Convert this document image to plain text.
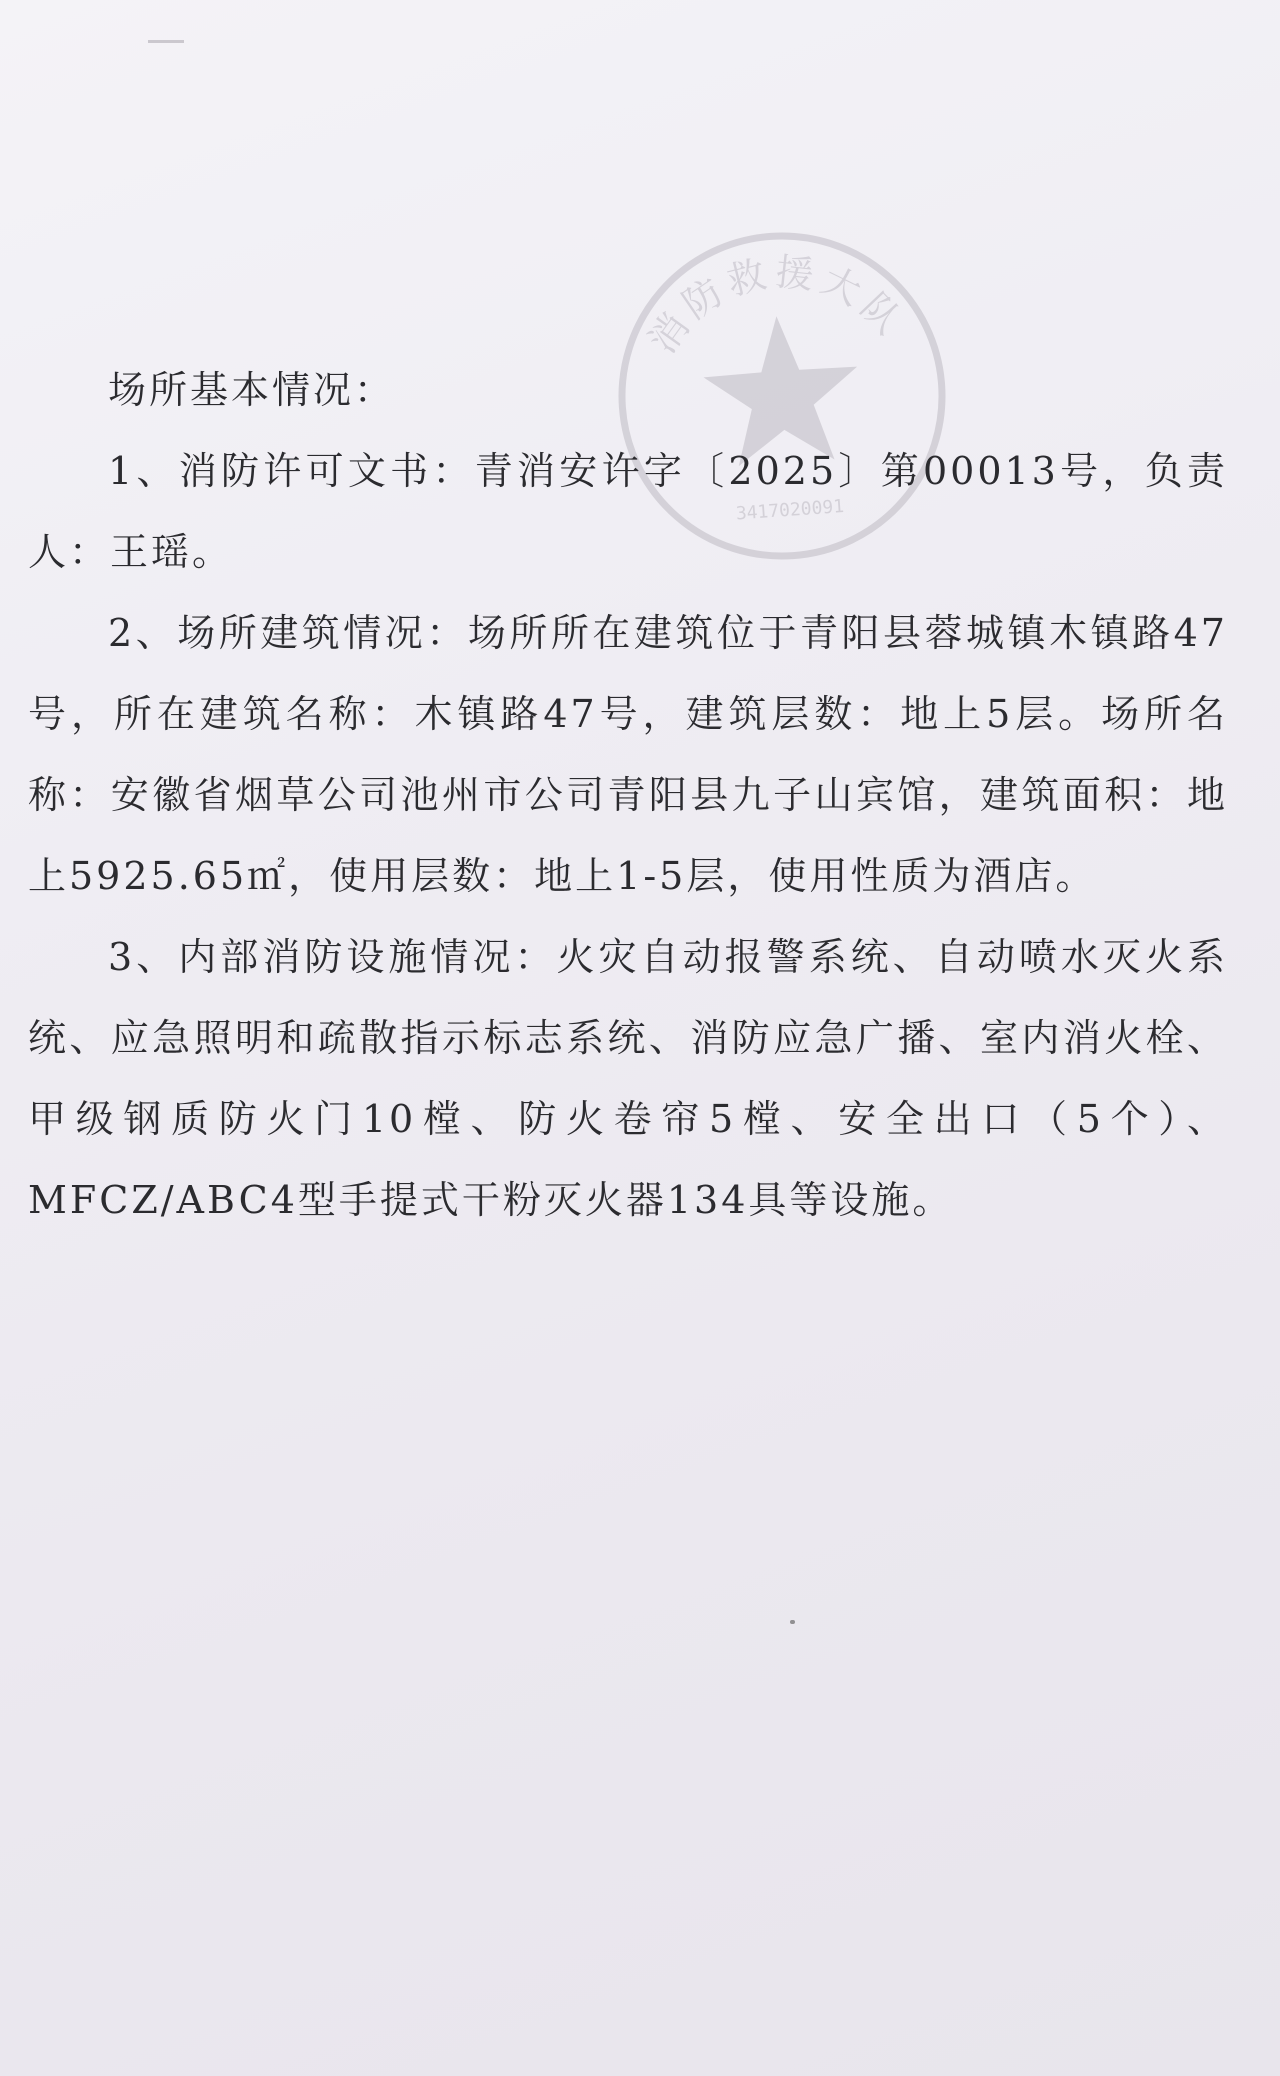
消防救援大队
3417020091

场所基本情况：

1、消防许可文书：青消安许字〔2025〕第00013号，负责人：王瑶。

2、场所建筑情况：场所所在建筑位于青阳县蓉城镇木镇路47号，所在建筑名称：木镇路47号，建筑层数：地上5层。场所名称：安徽省烟草公司池州市公司青阳县九子山宾馆，建筑面积：地上5925.65㎡，使用层数：地上1-5层，使用性质为酒店。

3、内部消防设施情况：火灾自动报警系统、自动喷水灭火系统、应急照明和疏散指示标志系统、消防应急广播、室内消火栓、甲级钢质防火门10樘、防火卷帘5樘、安全出口（5个）、MFCZ/ABC4型手提式干粉灭火器134具等设施。
